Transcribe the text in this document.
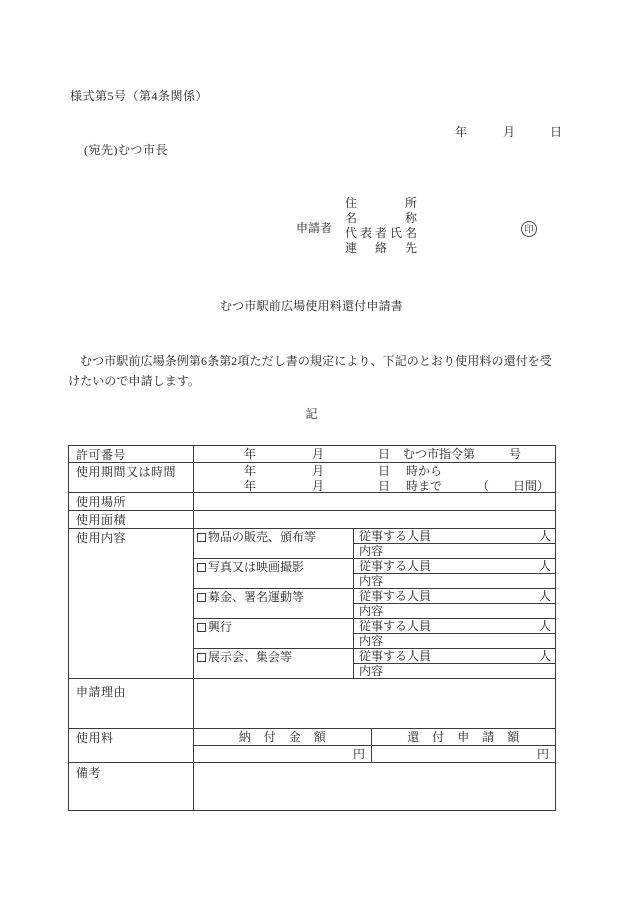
様式第5号（第4条関係）
年	月	日
(宛先)むつ市長
申請者
住所
名称
代表者氏名
連絡先
印
むつ市駅前広場使用料還付申請書
むつ市駅前広場条例第6条第2項ただし書の規定により、下記のとおり使用料の還付を受けたいので申請します。
記
許可番号	年 月 日 むつ市指令第 号		

使用期間又は時間	年	月	日 時から
年	月	日 時まで	（ 日間）

使用場所			
使用面積			
使用内容	物品の販売、頒布等	従事する人員 人	

		内容	
	写真又は映画撮影	従事する人員 人	

		内容	
	募金、署名運動等	従事する人員 人	

		内容	
	興行	従事する人員 人	

		内容	
	展示会、集会等	従事する人員 人	

		内容	
申請理由			
使用料	納　付　金　額		還　付　申　請　額
	円		円
備考			
